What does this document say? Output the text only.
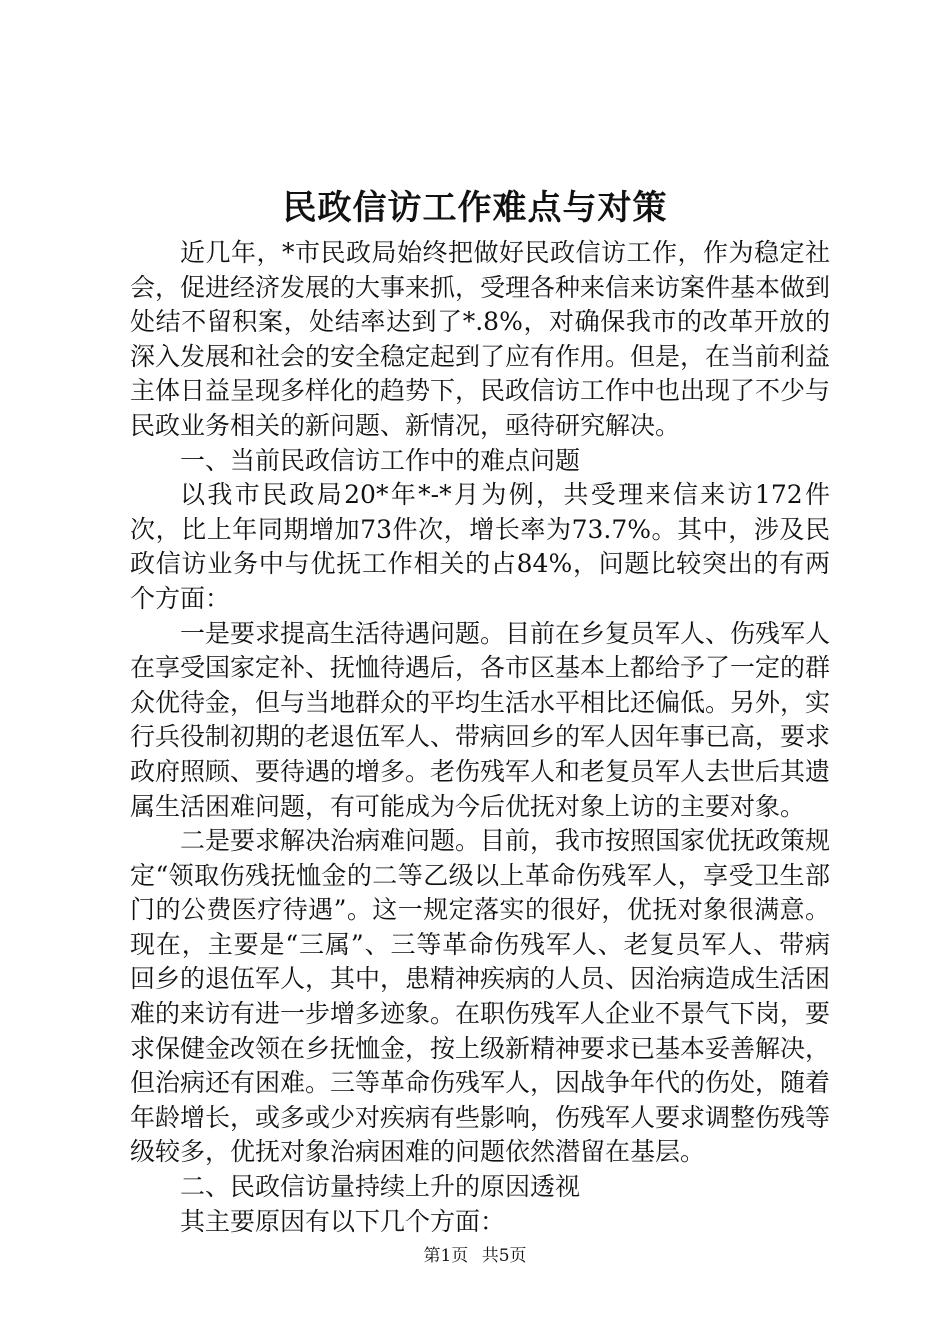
民政信访工作难点与对策

近几年，*市民政局始终把做好民政信访工作，作为稳定社会，促进经济发展的大事来抓，受理各种来信来访案件基本做到处结不留积案，处结率达到了*.8%，对确保我市的改革开放的深入发展和社会的安全稳定起到了应有作用。但是，在当前利益主体日益呈现多样化的趋势下，民政信访工作中也出现了不少与民政业务相关的新问题、新情况，亟待研究解决。

一、当前民政信访工作中的难点问题

以我市民政局20*年*-*月为例，共受理来信来访172件次，比上年同期增加73件次，增长率为73.7%。其中，涉及民政信访业务中与优抚工作相关的占84%，问题比较突出的有两个方面：

一是要求提高生活待遇问题。目前在乡复员军人、伤残军人在享受国家定补、抚恤待遇后，各市区基本上都给予了一定的群众优待金，但与当地群众的平均生活水平相比还偏低。另外，实行兵役制初期的老退伍军人、带病回乡的军人因年事已高，要求政府照顾、要待遇的增多。老伤残军人和老复员军人去世后其遗属生活困难问题，有可能成为今后优抚对象上访的主要对象。

二是要求解决治病难问题。目前，我市按照国家优抚政策规定“领取伤残抚恤金的二等乙级以上革命伤残军人，享受卫生部门的公费医疗待遇”。这一规定落实的很好，优抚对象很满意。现在，主要是“三属”、三等革命伤残军人、老复员军人、带病回乡的退伍军人，其中，患精神疾病的人员、因治病造成生活困难的来访有进一步增多迹象。在职伤残军人企业不景气下岗，要求保健金改领在乡抚恤金，按上级新精神要求已基本妥善解决，但治病还有困难。三等革命伤残军人，因战争年代的伤处，随着年龄增长，或多或少对疾病有些影响，伤残军人要求调整伤残等级较多，优抚对象治病困难的问题依然潜留在基层。

二、民政信访量持续上升的原因透视

其主要原因有以下几个方面：

第1页 共5页
